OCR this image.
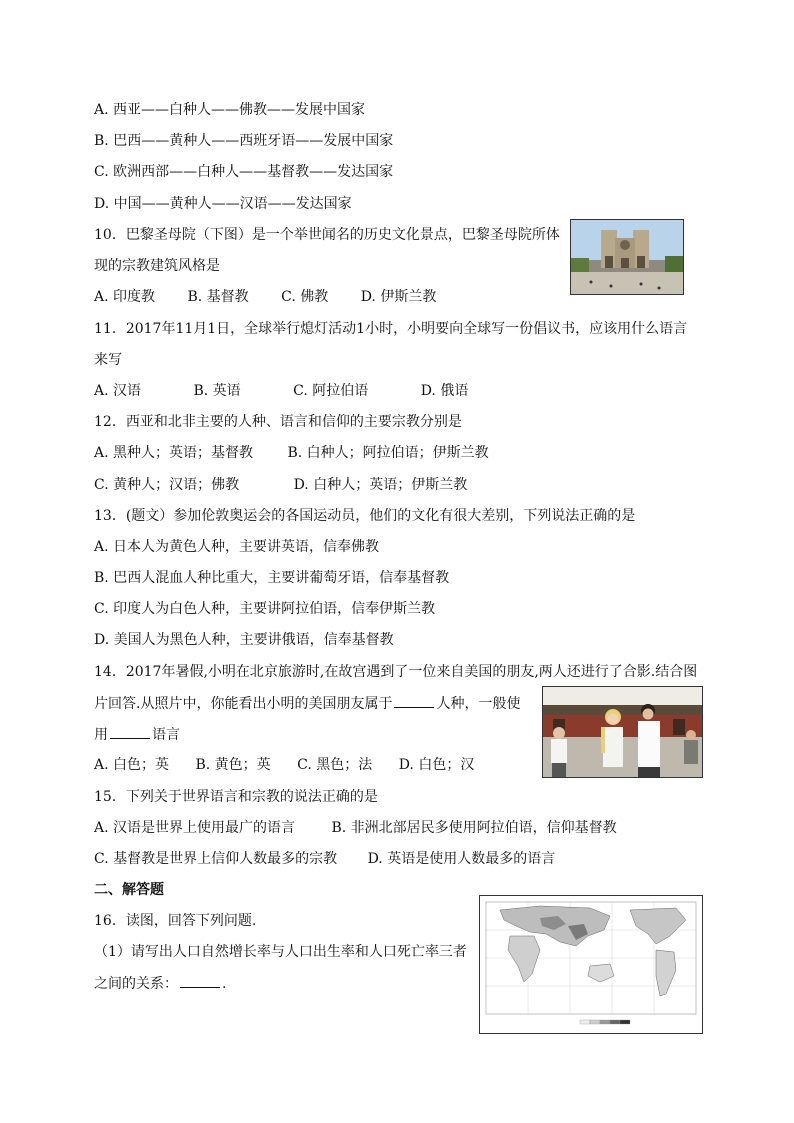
A. 西亚——白种人——佛教——发展中国家
B. 巴西——黄种人——西班牙语——发展中国家
C. 欧洲西部——白种人——基督教——发达国家
D. 中国——黄种人——汉语——发达国家
10．巴黎圣母院（下图）是一个举世闻名的历史文化景点，巴黎圣母院所体
现的宗教建筑风格是
A. 印度教 B. 基督教 C. 佛教 D. 伊斯兰教
11．2017年11月1日，全球举行熄灯活动1小时，小明要向全球写一份倡议书，应该用什么语言
来写
A. 汉语	B. 英语	C. 阿拉伯语	D. 俄语
12．西亚和北非主要的人种、语言和信仰的主要宗教分别是
A. 黑种人；英语；基督教 B. 白种人；阿拉伯语；伊斯兰教
C. 黄种人；汉语；佛教	D. 白种人；英语；伊斯兰教
13．(题文）参加伦敦奥运会的各国运动员，他们的文化有很大差别，下列说法正确的是
A. 日本人为黄色人种，主要讲英语，信奉佛教
B. 巴西人混血人种比重大，主要讲葡萄牙语，信奉基督教
C. 印度人为白色人种，主要讲阿拉伯语，信奉伊斯兰教
D. 美国人为黑色人种，主要讲俄语，信奉基督教
14．2017年暑假,小明在北京旅游时,在故宫遇到了一位来自美国的朋友,两人还进行了合影.结合图
片回答.从照片中，你能看出小明的美国朋友属于	人种，一般使
用	语言
A. 白色；英 B. 黄色；英 C. 黑色；法 D. 白色；汉
15．下列关于世界语言和宗教的说法正确的是
A. 汉语是世界上使用最广的语言	B. 非洲北部居民多使用阿拉伯语，信仰基督教
C. 基督教是世界上信仰人数最多的宗教 D. 英语是使用人数最多的语言
二、解答题
16．读图，回答下列问题.
（1）请写出人口自然增长率与人口出生率和人口死亡率三者
之间的关系：	.
